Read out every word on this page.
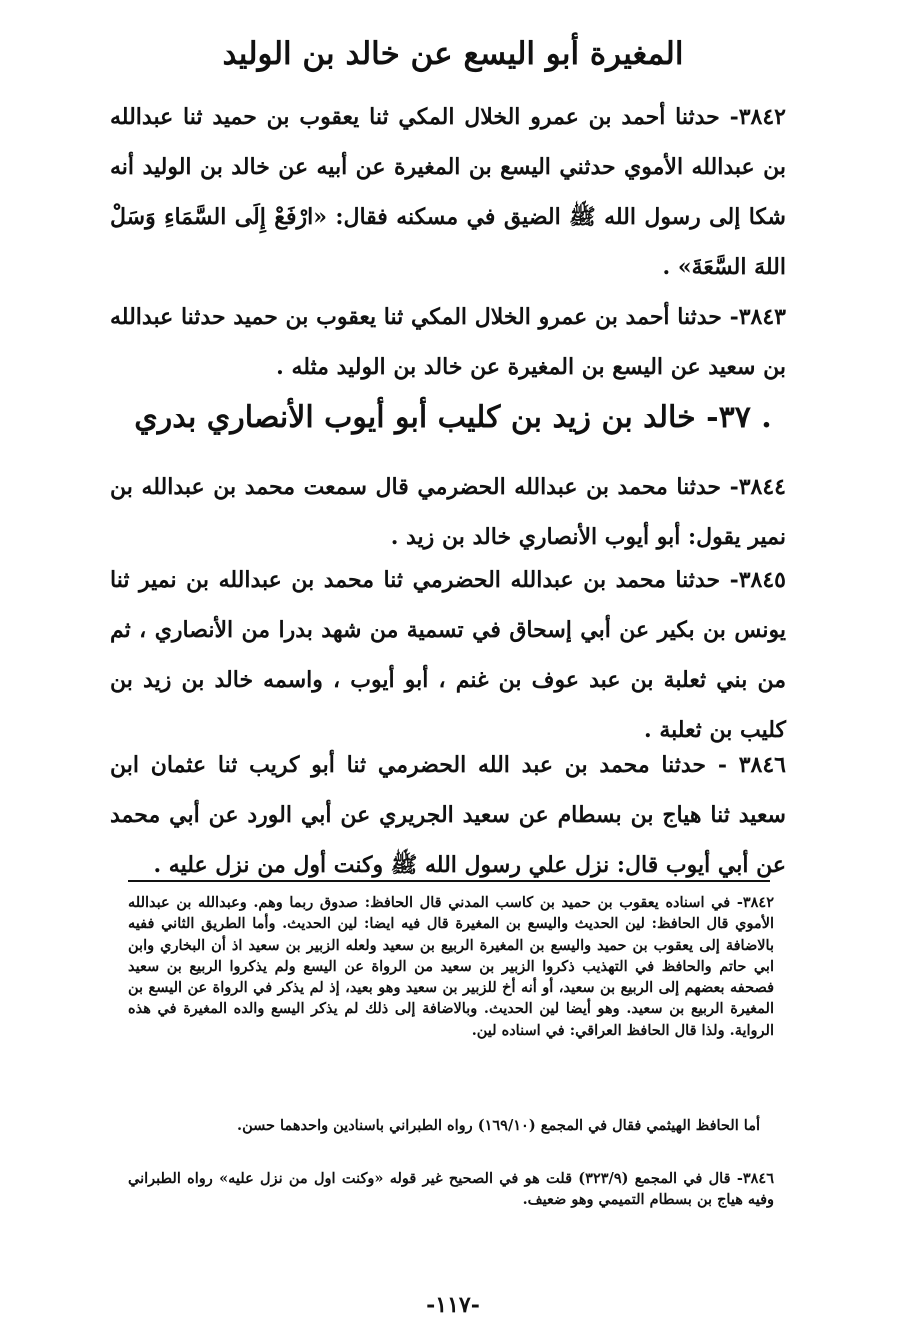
المغيرة أبو اليسع عن خالد بن الوليد
٣٨٤٢- حدثنا أحمد بن عمرو الخلال المكي ثنا يعقوب بن حميد ثنا عبدالله بن عبدالله الأموي حدثني اليسع بن المغيرة عن أبيه عن خالد بن الوليد أنه شكا إلى رسول الله ﷺ الضيق في مسكنه فقال: «ارْفَعْ إِلَى السَّمَاءِ وَسَلْ اللهَ السَّعَةَ» .
٣٨٤٣- حدثنا أحمد بن عمرو الخلال المكي ثنا يعقوب بن حميد حدثنا عبدالله بن سعيد عن اليسع بن المغيرة عن خالد بن الوليد مثله .
. ٣٧- خالد بن زيد بن كليب أبو أيوب الأنصاري بدري
٣٨٤٤- حدثنا محمد بن عبدالله الحضرمي قال سمعت محمد بن عبدالله بن نمير يقول: أبو أيوب الأنصاري خالد بن زيد .
٣٨٤٥- حدثنا محمد بن عبدالله الحضرمي ثنا محمد بن عبدالله بن نمير ثنا يونس بن بكير عن أبي إسحاق في تسمية من شهد بدرا من الأنصاري ، ثم من بني ثعلبة بن عبد عوف بن غنم ، أبو أيوب ، واسمه خالد بن زيد بن كليب بن ثعلبة .
٣٨٤٦ - حدثنا محمد بن عبد الله الحضرمي ثنا أبو كريب ثنا عثمان ابن سعيد ثنا هياج بن بسطام عن سعيد الجريري عن أبي الورد عن أبي محمد عن أبي أيوب قال: نزل علي رسول الله ﷺ وكنت أول من نزل عليه .
٣٨٤٢- في اسناده يعقوب بن حميد بن كاسب المدني قال الحافظ: صدوق ربما وهم. وعبدالله بن عبدالله الأموي قال الحافظ: لين الحديث واليسع بن المغيرة قال فيه ايضا: لين الحديث. وأما الطريق الثاني ففيه بالاضافة إلى يعقوب بن حميد واليسع بن المغيرة الربيع بن سعيد ولعله الزبير بن سعيد اذ أن البخاري وابن ابي حاتم والحافظ في التهذيب ذكروا الزبير بن سعيد من الرواة عن اليسع ولم يذكروا الربيع بن سعيد فصحفه بعضهم إلى الربيع بن سعيد، أو أنه أخ للزبير بن سعيد وهو بعيد، إذ لم يذكر في الرواة عن اليسع بن المغيرة الربيع بن سعيد. وهو أيضا لين الحديث. وبالاضافة إلى ذلك لم يذكر اليسع والده المغيرة في هذه الرواية. ولذا قال الحافظ العراقي: في اسناده لين.
أما الحافظ الهيثمي فقال في المجمع (١٦٩/١٠) رواه الطبراني باسنادين واحدهما حسن.
٣٨٤٦- قال في المجمع (٣٢٣/٩) قلت هو في الصحيح غير قوله «وكنت اول من نزل عليه» رواه الطبراني وفيه هياج بن بسطام التميمي وهو ضعيف.
-١١٧-
